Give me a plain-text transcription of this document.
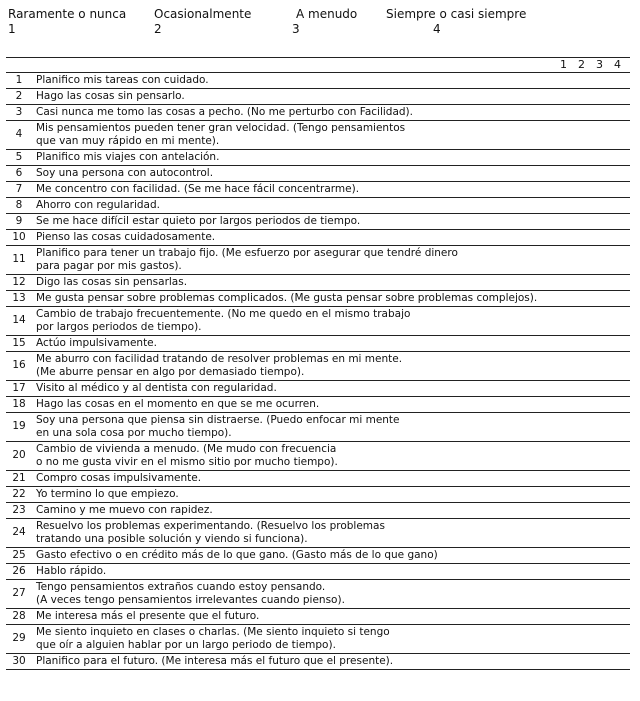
Raramente o nunca
1
Ocasionalmente
2
A menudo
3
Siempre o casi siempre
4
1 2 3 4
1	Planifico mis tareas con cuidado.
2	Hago las cosas sin pensarlo.
3	Casi nunca me tomo las cosas a pecho. (No me perturbo con Facilidad).
4	Mis pensamientos pueden tener gran velocidad. (Tengo pensamientos
que van muy rápido en mi mente).
5	Planifico mis viajes con antelación.
6	Soy una persona con autocontrol.
7	Me concentro con facilidad. (Se me hace fácil concentrarme).
8	Ahorro con regularidad.
9	Se me hace difícil estar quieto por largos periodos de tiempo.
10	Pienso las cosas cuidadosamente.
11	Planifico para tener un trabajo fijo. (Me esfuerzo por asegurar que tendré dinero
para pagar por mis gastos).
12	Digo las cosas sin pensarlas.
13	Me gusta pensar sobre problemas complicados. (Me gusta pensar sobre problemas complejos).
14	Cambio de trabajo frecuentemente. (No me quedo en el mismo trabajo
por largos periodos de tiempo).
15	Actúo impulsivamente.
16	Me aburro con facilidad tratando de resolver problemas en mi mente.
(Me aburre pensar en algo por demasiado tiempo).
17	Visito al médico y al dentista con regularidad.
18	Hago las cosas en el momento en que se me ocurren.
19	Soy una persona que piensa sin distraerse. (Puedo enfocar mi mente
en una sola cosa por mucho tiempo).
20	Cambio de vivienda a menudo. (Me mudo con frecuencia
o no me gusta vivir en el mismo sitio por mucho tiempo).
21	Compro cosas impulsivamente.
22	Yo termino lo que empiezo.
23	Camino y me muevo con rapidez.
24	Resuelvo los problemas experimentando. (Resuelvo los problemas
tratando una posible solución y viendo si funciona).
25	Gasto efectivo o en crédito más de lo que gano. (Gasto más de lo que gano)
26	Hablo rápido.
27	Tengo pensamientos extraños cuando estoy pensando.
(A veces tengo pensamientos irrelevantes cuando pienso).
28	Me interesa más el presente que el futuro.
29	Me siento inquieto en clases o charlas. (Me siento inquieto si tengo
que oír a alguien hablar por un largo periodo de tiempo).
30	Planifico para el futuro. (Me interesa más el futuro que el presente).
